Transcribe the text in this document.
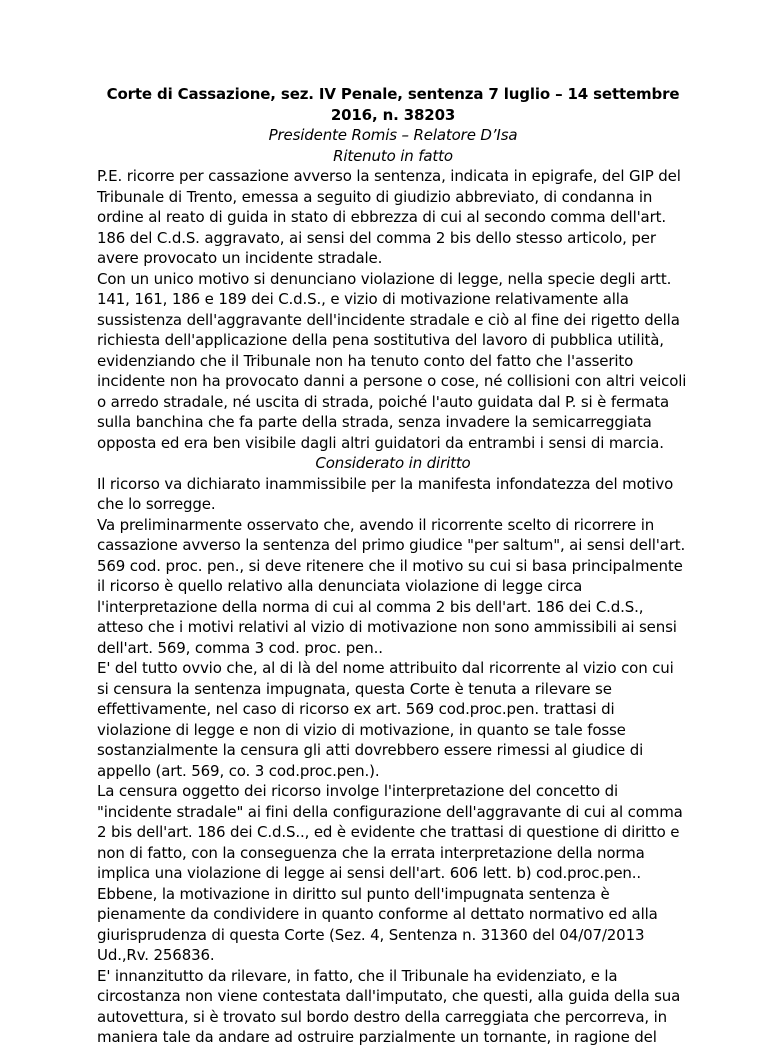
Corte di Cassazione, sez. IV Penale, sentenza 7 luglio – 14 settembre 2016, n. 38203

Presidente Romis – Relatore D’Isa

Ritenuto in fatto

P.E. ricorre per cassazione avverso la sentenza, indicata in epigrafe, del GIP del Tribunale di Trento, emessa a seguito di giudizio abbreviato, di condanna in ordine al reato di guida in stato di ebbrezza di cui al secondo comma dell'art. 186 del C.d.S. aggravato, ai sensi del comma 2 bis dello stesso articolo, per avere provocato un incidente stradale.

Con un unico motivo si denunciano violazione di legge, nella specie degli artt. 141, 161, 186 e 189 dei C.d.S., e vizio di motivazione relativamente alla sussistenza dell'aggravante dell'incidente stradale e ciò al fine dei rigetto della richiesta dell'applicazione della pena sostitutiva del lavoro di pubblica utilità, evidenziando che il Tribunale non ha tenuto conto del fatto che l'asserito incidente non ha provocato danni a persone o cose, né collisioni con altri veicoli o arredo stradale, né uscita di strada, poiché l'auto guidata dal P. si è fermata sulla banchina che fa parte della strada, senza invadere la semicarreggiata opposta ed era ben visibile dagli altri guidatori da entrambi i sensi di marcia.

Considerato in diritto

Il ricorso va dichiarato inammissibile per la manifesta infondatezza del motivo che lo sorregge.

Va preliminarmente osservato che, avendo il ricorrente scelto di ricorrere in cassazione avverso la sentenza del primo giudice "per saltum", ai sensi dell'art. 569 cod. proc. pen., si deve ritenere che il motivo su cui si basa principalmente il ricorso è quello relativo alla denunciata violazione di legge circa l'interpretazione della norma di cui al comma 2 bis dell'art. 186 dei C.d.S., atteso che i motivi relativi al vizio di motivazione non sono ammissibili ai sensi dell'art. 569, comma 3 cod. proc. pen..

E' del tutto ovvio che, al di là del nome attribuito dal ricorrente al vizio con cui si censura la sentenza impugnata, questa Corte è tenuta a rilevare se effettivamente, nel caso di ricorso ex art. 569 cod.proc.pen. trattasi di violazione di legge e non di vizio di motivazione, in quanto se tale fosse sostanzialmente la censura gli atti dovrebbero essere rimessi al giudice di appello (art. 569, co. 3 cod.proc.pen.).

La censura oggetto dei ricorso involge l'interpretazione del concetto di "incidente stradale" ai fini della configurazione dell'aggravante di cui al comma 2 bis dell'art. 186 dei C.d.S.., ed è evidente che trattasi di questione di diritto e non di fatto, con la conseguenza che la errata interpretazione della norma implica una violazione di legge ai sensi dell'art. 606 lett. b) cod.proc.pen..

Ebbene, la motivazione in diritto sul punto dell'impugnata sentenza è pienamente da condividere in quanto conforme al dettato normativo ed alla giurisprudenza di questa Corte (Sez. 4, Sentenza n. 31360 del 04/07/2013 Ud.,Rv. 256836.

E' innanzitutto da rilevare, in fatto, che il Tribunale ha evidenziato, e la circostanza non viene contestata dall'imputato, che questi, alla guida della sua autovettura, si è trovato sul bordo destro della carreggiata che percorreva, in maniera tale da andare ad ostruire parzialmente un tornante, in ragione del
